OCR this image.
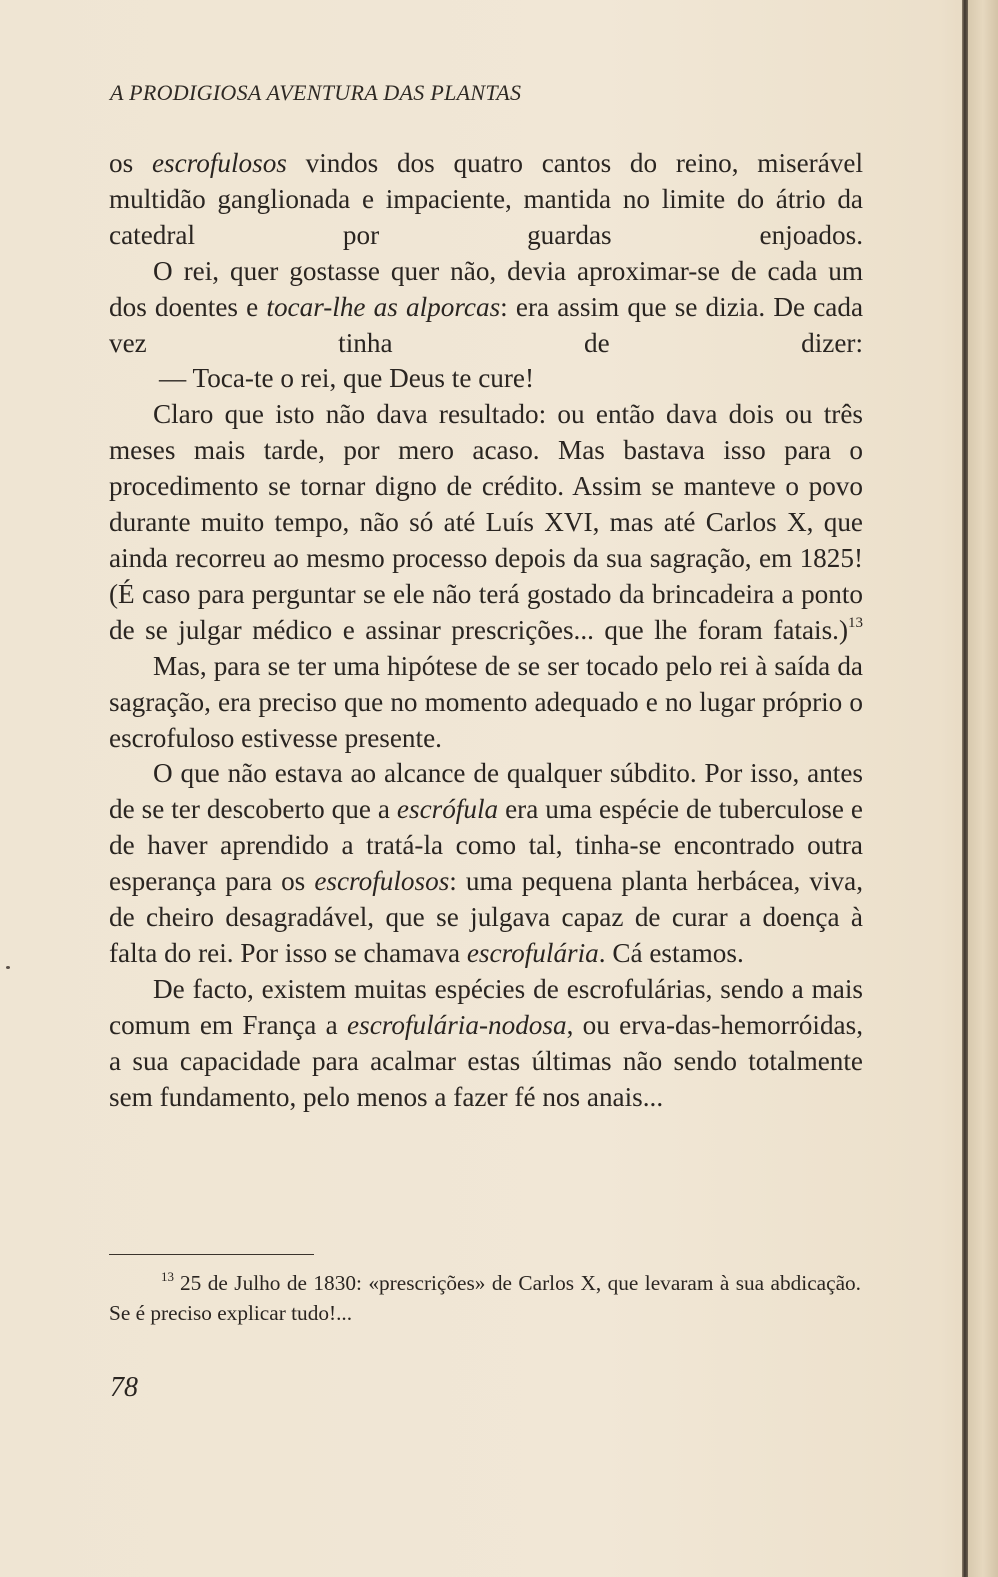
A PRODIGIOSA AVENTURA DAS PLANTAS

os escrofulosos vindos dos quatro cantos do reino, miserável multidão ganglionada e impaciente, mantida no limite do átrio da catedral por guardas enjoados.

O rei, quer gostasse quer não, devia aproximar-se de cada um dos doentes e tocar-lhe as alporcas: era assim que se dizia. De cada vez tinha de dizer:

— Toca-te o rei, que Deus te cure!

Claro que isto não dava resultado: ou então dava dois ou três meses mais tarde, por mero acaso. Mas bastava isso para o procedimento se tornar digno de crédito. Assim se manteve o povo durante muito tempo, não só até Luís XVI, mas até Carlos X, que ainda recorreu ao mesmo processo depois da sua sagração, em 1825! (É caso para perguntar se ele não terá gostado da brincadeira a ponto de se julgar médico e assinar prescrições... que lhe foram fatais.)$^{13}$

Mas, para se ter uma hipótese de se ser tocado pelo rei à saída da sagração, era preciso que no momento adequado e no lugar próprio o escrofuloso estivesse presente.

O que não estava ao alcance de qualquer súbdito. Por isso, antes de se ter descoberto que a escrófula era uma espécie de tuberculose e de haver aprendido a tratá-la como tal, tinha-se encontrado outra esperança para os escrofulosos: uma pequena planta herbácea, viva, de cheiro desagradável, que se julgava capaz de curar a doença à falta do rei. Por isso se chamava escrofulária. Cá estamos.

De facto, existem muitas espécies de escrofulárias, sendo a mais comum em França a escrofulária-nodosa, ou erva-das-hemorróidas, a sua capacidade para acalmar estas últimas não sendo totalmente sem fundamento, pelo menos a fazer fé nos anais...

$^{13}$ 25 de Julho de 1830: «prescrições» de Carlos X, que levaram à sua abdicação. Se é preciso explicar tudo!...

78
